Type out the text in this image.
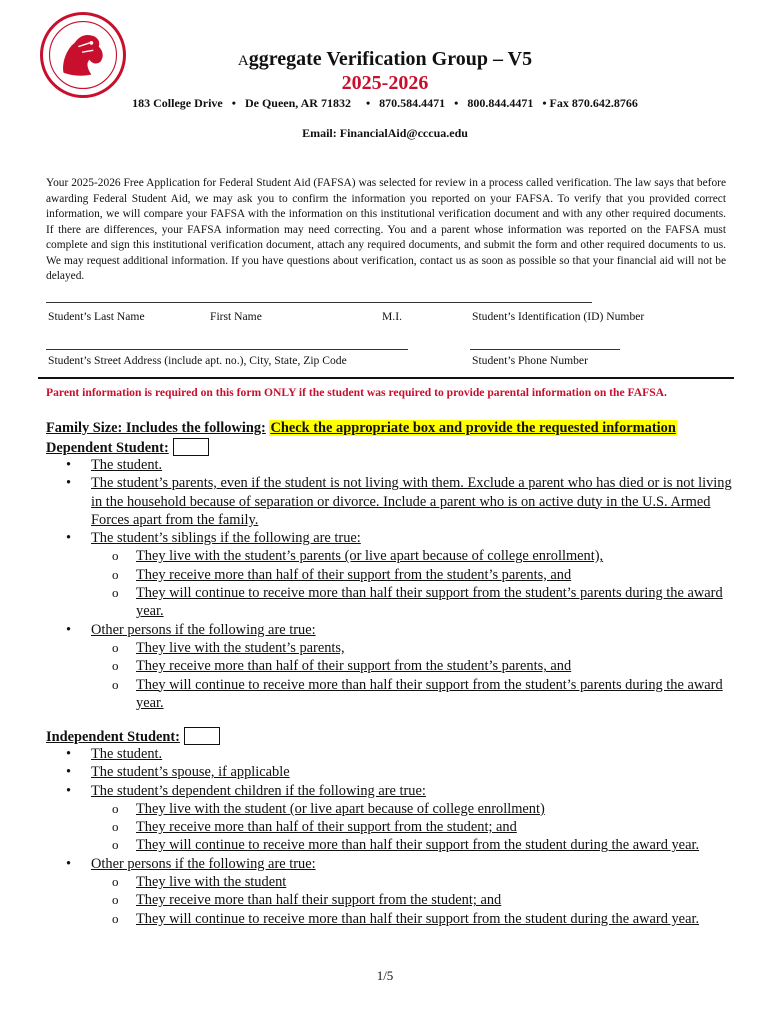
Aggregate Verification Group – V5
2025-2026
183 College Drive   •   De Queen, AR 71832     •   870.584.4471   •   800.844.4471   • Fax 870.642.8766
Email: FinancialAid@cccua.edu
Your 2025-2026 Free Application for Federal Student Aid (FAFSA) was selected for review in a process called verification. The law says that before awarding Federal Student Aid, we may ask you to confirm the information you reported on your FAFSA. To verify that you provided correct information, we will compare your FAFSA with the information on this institutional verification document and with any other required documents. If there are differences, your FAFSA information may need correcting. You and a parent whose information was reported on the FAFSA must complete and sign this institutional verification document, attach any required documents, and submit the form and other required documents to us. We may request additional information. If you have questions about verification, contact us as soon as possible so that your financial aid will not be delayed.
Student’s Last Name	First Name	M.I.	Student’s Identification (ID) Number
Student’s Street Address (include apt. no.), City, State, Zip Code	Student’s Phone Number
Parent information is required on this form ONLY if the student was required to provide parental information on the FAFSA.
Family Size: Includes the following: Check the appropriate box and provide the requested information
Dependent Student:
• The student.
• The student’s parents, even if the student is not living with them. Exclude a parent who has died or is not living in the household because of separation or divorce. Include a parent who is on active duty in the U.S. Armed Forces apart from the family.
• The student’s siblings if the following are true:
o They live with the student’s parents (or live apart because of college enrollment),
o They receive more than half of their support from the student’s parents, and
o They will continue to receive more than half their support from the student’s parents during the award year.
• Other persons if the following are true:
o They live with the student’s parents,
o They receive more than half of their support from the student’s parents, and
o They will continue to receive more than half their support from the student’s parents during the award year.
Independent Student:
• The student.
• The student’s spouse, if applicable
• The student’s dependent children if the following are true:
o They live with the student (or live apart because of college enrollment)
o They receive more than half of their support from the student; and
o They will continue to receive more than half their support from the student during the award year.
• Other persons if the following are true:
o They live with the student
o They receive more than half their support from the student; and
o They will continue to receive more than half their support from the student during the award year.
1/5
